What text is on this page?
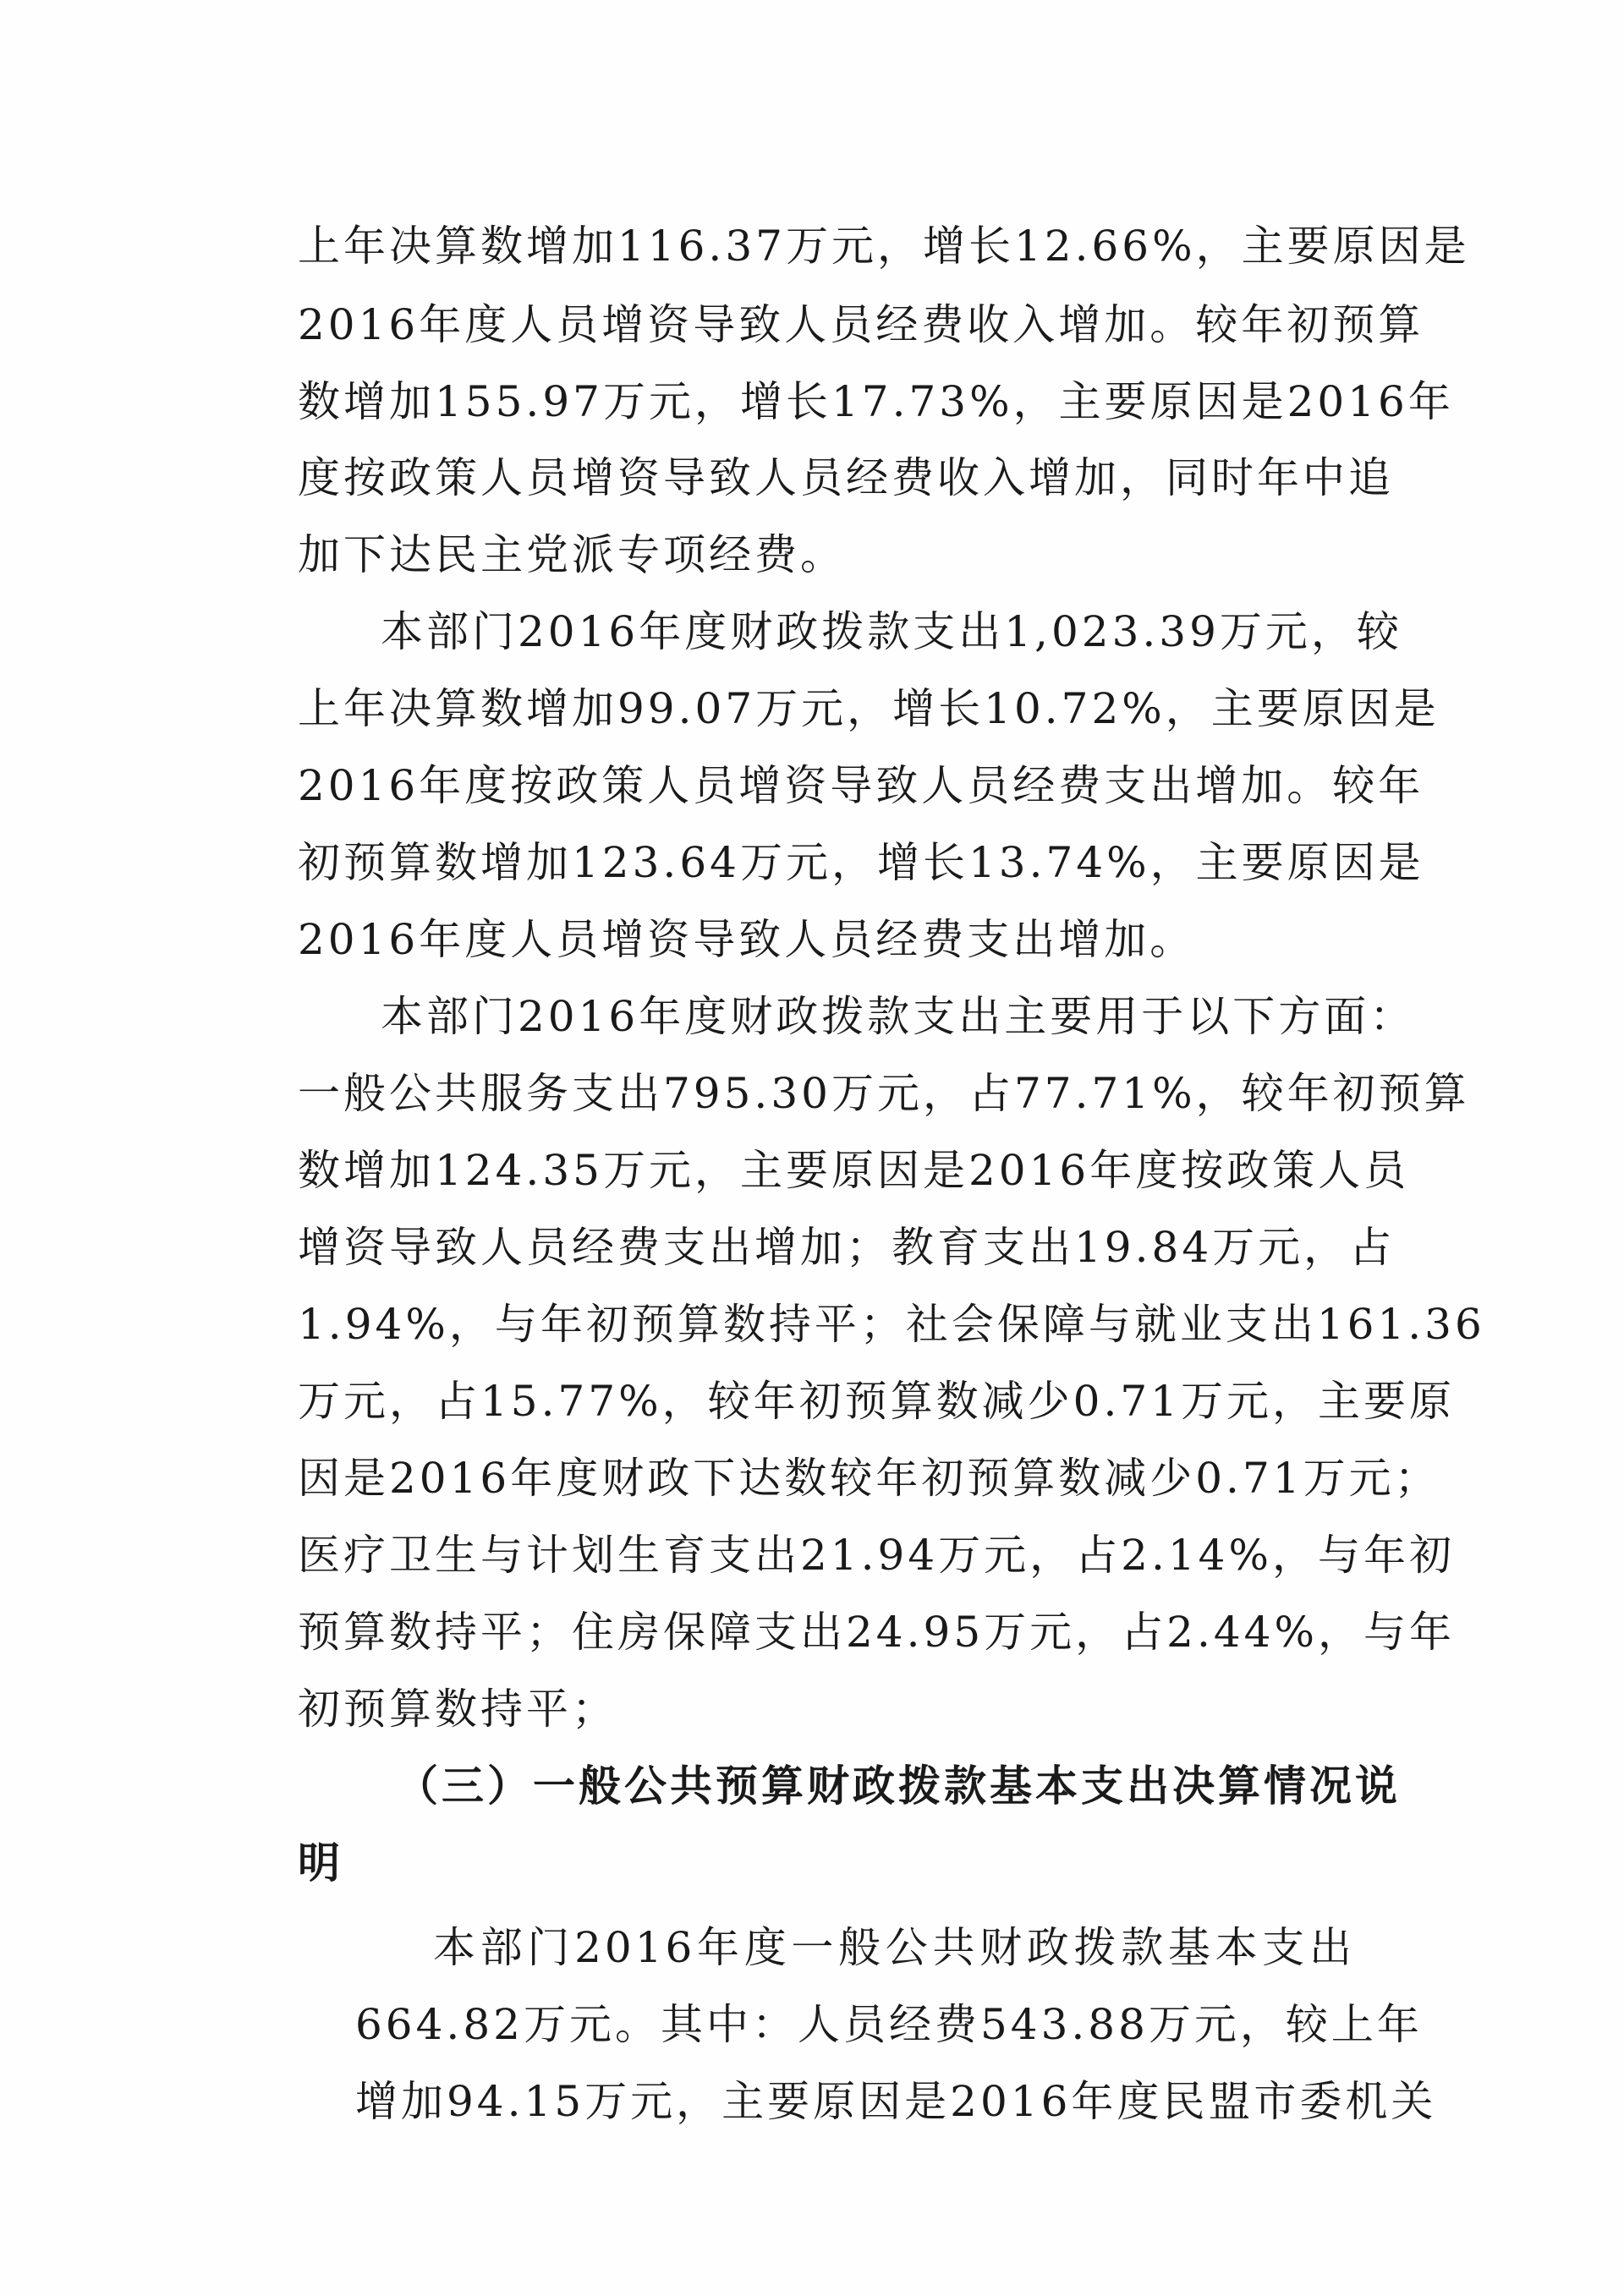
上年决算数增加116.37万元，增长12.66%，主要原因是
2016年度人员增资导致人员经费收入增加。较年初预算
数增加155.97万元，增长17.73%，主要原因是2016年
度按政策人员增资导致人员经费收入增加，同时年中追
加下达民主党派专项经费。
本部门2016年度财政拨款支出1,023.39万元，较
上年决算数增加99.07万元，增长10.72%，主要原因是
2016年度按政策人员增资导致人员经费支出增加。较年
初预算数增加123.64万元，增长13.74%，主要原因是
2016年度人员增资导致人员经费支出增加。
本部门2016年度财政拨款支出主要用于以下方面：
一般公共服务支出795.30万元，占77.71%，较年初预算
数增加124.35万元，主要原因是2016年度按政策人员
增资导致人员经费支出增加；教育支出19.84万元，占
1.94%，与年初预算数持平；社会保障与就业支出161.36
万元，占15.77%，较年初预算数减少0.71万元，主要原
因是2016年度财政下达数较年初预算数减少0.71万元；
医疗卫生与计划生育支出21.94万元，占2.14%，与年初
预算数持平；住房保障支出24.95万元，占2.44%，与年
初预算数持平；
（三）一般公共预算财政拨款基本支出决算情况说
明
本部门2016年度一般公共财政拨款基本支出
664.82万元。其中：人员经费543.88万元，较上年
增加94.15万元，主要原因是2016年度民盟市委机关
